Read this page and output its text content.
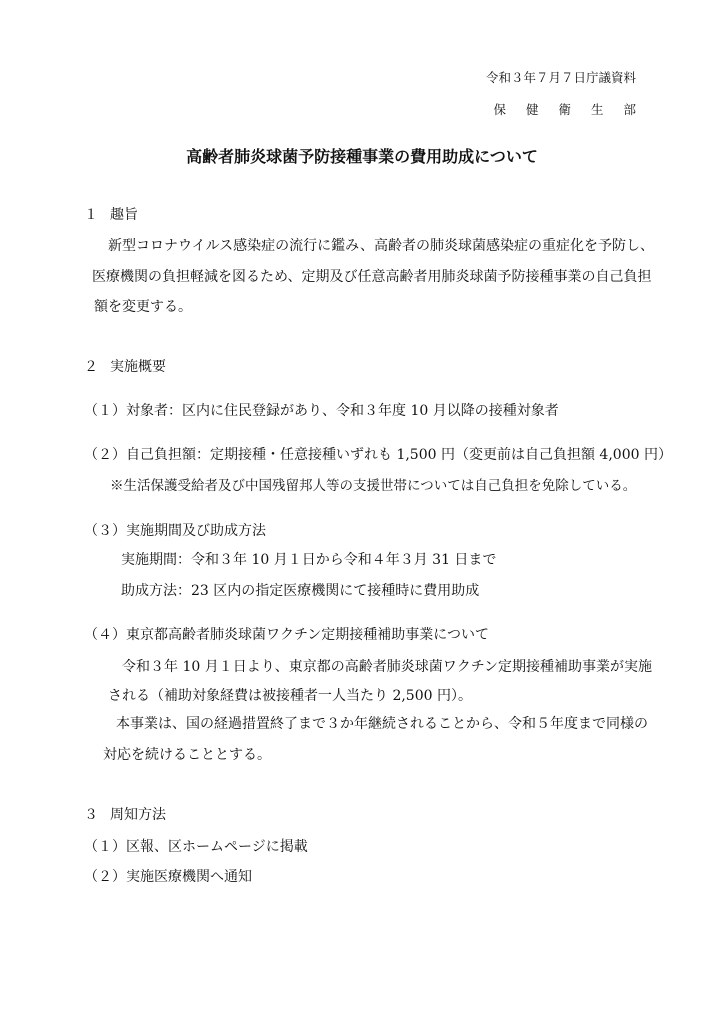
令和３年７月７日庁議資料
保健衛生部
高齢者肺炎球菌予防接種事業の費用助成について
１ 趣旨
新型コロナウイルス感染症の流行に鑑み、高齢者の肺炎球菌感染症の重症化を予防し、
医療機関の負担軽減を図るため、定期及び任意高齢者用肺炎球菌予防接種事業の自己負担
額を変更する。
２ 実施概要
（１）対象者：区内に住民登録があり、令和３年度 10 月以降の接種対象者
（２）自己負担額：定期接種・任意接種いずれも 1,500 円（変更前は自己負担額 4,000 円）
※生活保護受給者及び中国残留邦人等の支援世帯については自己負担を免除している。
（３）実施期間及び助成方法
実施期間：令和３年 10 月１日から令和４年３月 31 日まで
助成方法：23 区内の指定医療機関にて接種時に費用助成
（４）東京都高齢者肺炎球菌ワクチン定期接種補助事業について
令和３年 10 月１日より、東京都の高齢者肺炎球菌ワクチン定期接種補助事業が実施
される（補助対象経費は被接種者一人当たり 2,500 円）。
本事業は、国の経過措置終了まで３か年継続されることから、令和５年度まで同様の
対応を続けることとする。
３ 周知方法
（１）区報、区ホームページに掲載
（２）実施医療機関へ通知
